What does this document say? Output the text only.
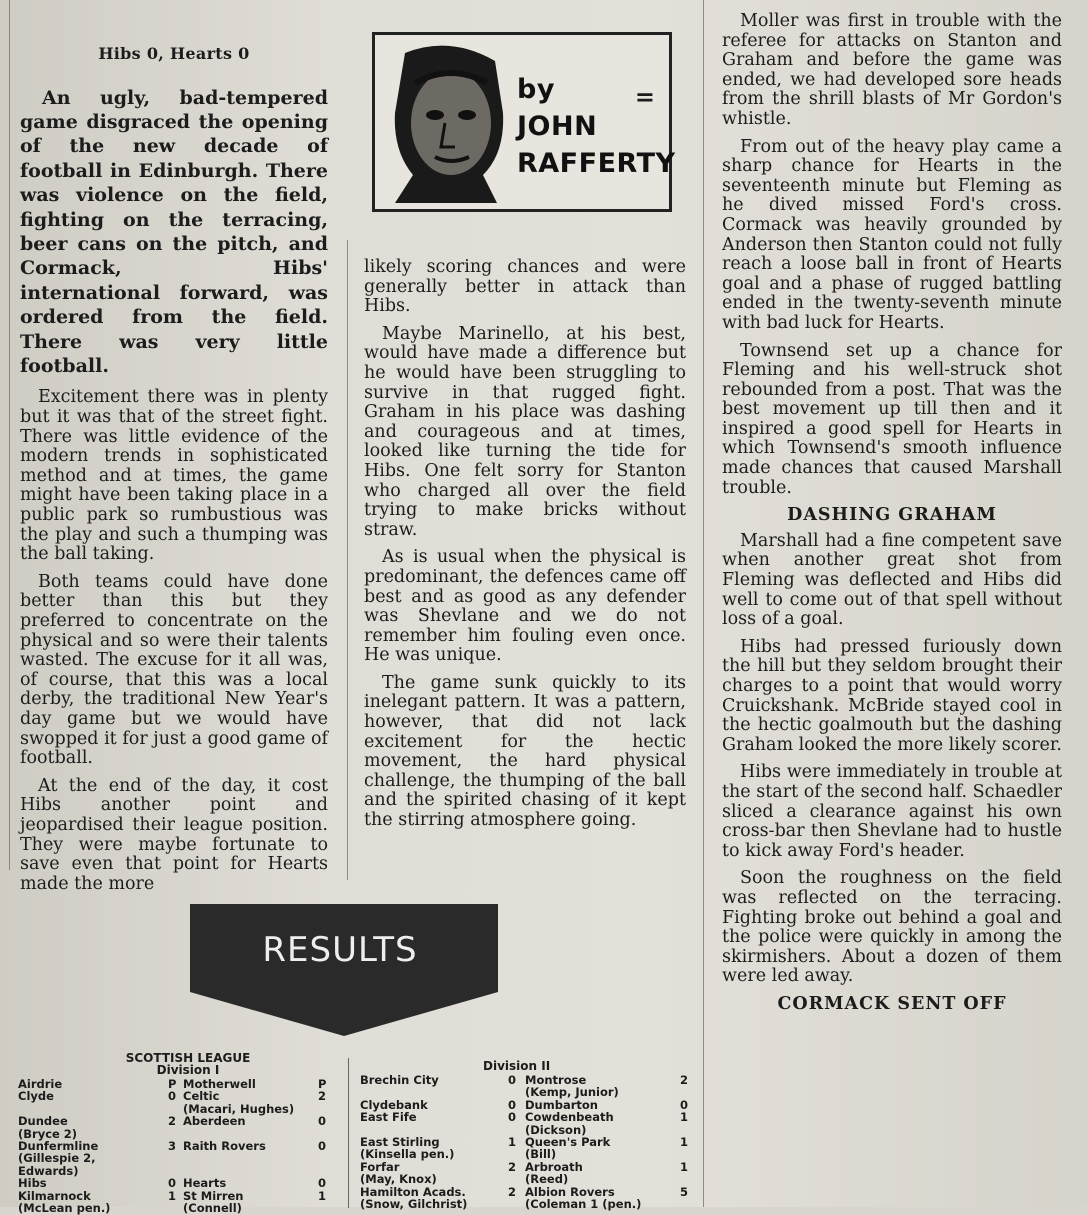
Hibs 0, Hearts 0

An ugly, bad-tempered game disgraced the opening of the new decade of football in Edinburgh. There was violence on the field, fighting on the terracing, beer cans on the pitch, and Cormack, Hibs' international forward, was ordered from the field. There was very little football.

Excitement there was in plenty but it was that of the street fight. There was little evidence of the modern trends in sophisticated method and at times, the game might have been taking place in a public park so rumbustious was the play and such a thumping was the ball taking.

Both teams could have done better than this but they preferred to concentrate on the physical and so were their talents wasted. The excuse for it all was, of course, that this was a local derby, the traditional New Year's day game but we would have swopped it for just a good game of football.

At the end of the day, it cost Hibs another point and jeopardised their league position. They were maybe fortunate to save even that point for Hearts made the more

by
JOHN
RAFFERTY
=

likely scoring chances and were generally better in attack than Hibs.

Maybe Marinello, at his best, would have made a difference but he would have been struggling to survive in that rugged fight. Graham in his place was dashing and courageous and at times, looked like turning the tide for Hibs. One felt sorry for Stanton who charged all over the field trying to make bricks without straw.

As is usual when the physical is predominant, the defences came off best and as good as any defender was Shevlane and we do not remember him fouling even once. He was unique.

The game sunk quickly to its inelegant pattern. It was a pattern, however, that did not lack excitement for the hectic movement, the hard physical challenge, the thumping of the ball and the spirited chasing of it kept the stirring atmosphere going.

Moller was first in trouble with the referee for attacks on Stanton and Graham and before the game was ended, we had developed sore heads from the shrill blasts of Mr Gordon's whistle.

From out of the heavy play came a sharp chance for Hearts in the seventeenth minute but Fleming as he dived missed Ford's cross. Cormack was heavily grounded by Anderson then Stanton could not fully reach a loose ball in front of Hearts goal and a phase of rugged battling ended in the twenty-seventh minute with bad luck for Hearts.

Townsend set up a chance for Fleming and his well-struck shot rebounded from a post. That was the best movement up till then and it inspired a good spell for Hearts in which Townsend's smooth influence made chances that caused Marshall trouble.

DASHING GRAHAM

Marshall had a fine competent save when another great shot from Fleming was deflected and Hibs did well to come out of that spell without loss of a goal.

Hibs had pressed furiously down the hill but they seldom brought their charges to a point that would worry Cruickshank. McBride stayed cool in the hectic goalmouth but the dashing Graham looked the more likely scorer.

Hibs were immediately in trouble at the start of the second half. Schaedler sliced a clearance against his own cross-bar then Shevlane had to hustle to kick away Ford's header.

Soon the roughness on the field was reflected on the terracing. Fighting broke out behind a goal and the police were quickly in among the skirmishers. About a dozen of them were led away.

CORMACK SENT OFF
RESULTS
SCOTTISH LEAGUE
Division I	Division II
Airdrie	P Motherwell	P
Clyde	0 Celtic	2
(Macari, Hughes)
Dundee	2 Aberdeen	0
(Bryce 2)
Dunfermline	3 Raith Rovers	0
(Gillespie 2,
Edwards)
Hibs	0 Hearts	0
Kilmarnock	1 St Mirren	1
(McLean pen.)	(Connell)
Brechin City	0 Montrose	2
(Kemp, Junior)
Clydebank	0 Dumbarton	0
East Fife	0 Cowdenbeath	1
(Dickson)
East Stirling	1 Queen's Park	1
(Kinsella pen.)	(Bill)
Forfar	2 Arbroath	1
(May, Knox)	(Reed)
Hamilton Acads.	2 Albion Rovers	5
(Snow, Gilchrist)	(Coleman 1 (pen.)
